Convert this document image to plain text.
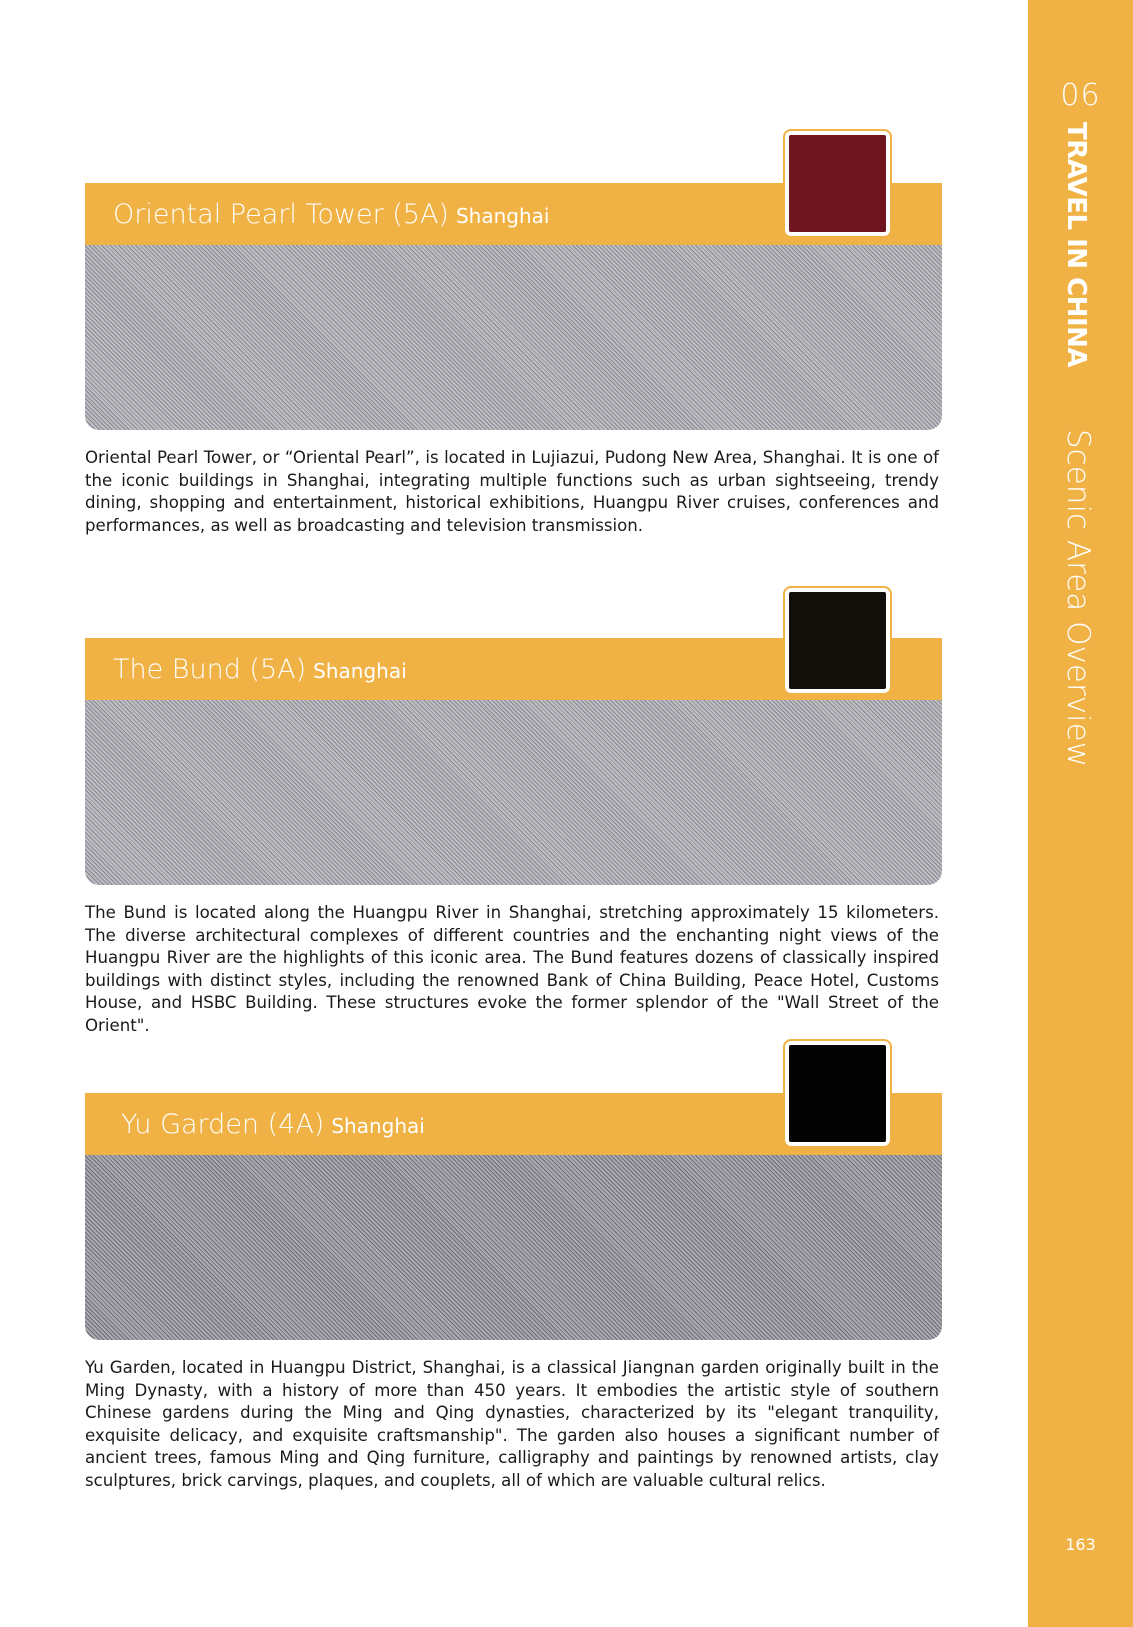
06
163
TRAVEL IN CHINA
Scenic Area Overview
Oriental Pearl Tower (5A) Shanghai

Oriental Pearl Tower, or “Oriental Pearl”, is located in Lujiazui, Pudong New Area, Shanghai. It is one of the iconic buildings in Shanghai, integrating multiple functions such as urban sightseeing, trendy dining, shopping and entertainment, historical exhibitions, Huangpu River cruises, conferences and performances, as well as broadcasting and television transmission.

The Bund (5A) Shanghai

The Bund is located along the Huangpu River in Shanghai, stretching approximately 15 kilometers. The diverse architectural complexes of different countries and the enchanting night views of the Huangpu River are the highlights of this iconic area. The Bund features dozens of classically inspired buildings with distinct styles, including the renowned Bank of China Building, Peace Hotel, Customs House, and HSBC Building. These structures evoke the former splendor of the "Wall Street of the Orient".

Yu Garden (4A) Shanghai

Yu Garden, located in Huangpu District, Shanghai, is a classical Jiangnan garden originally built in the Ming Dynasty, with a history of more than 450 years. It embodies the artistic style of southern Chinese gardens during the Ming and Qing dynasties, characterized by its "elegant tranquility, exquisite delicacy, and exquisite craftsmanship". The garden also houses a significant number of ancient trees, famous Ming and Qing furniture, calligraphy and paintings by renowned artists, clay sculptures, brick carvings, plaques, and couplets, all of which are valuable cultural relics.
